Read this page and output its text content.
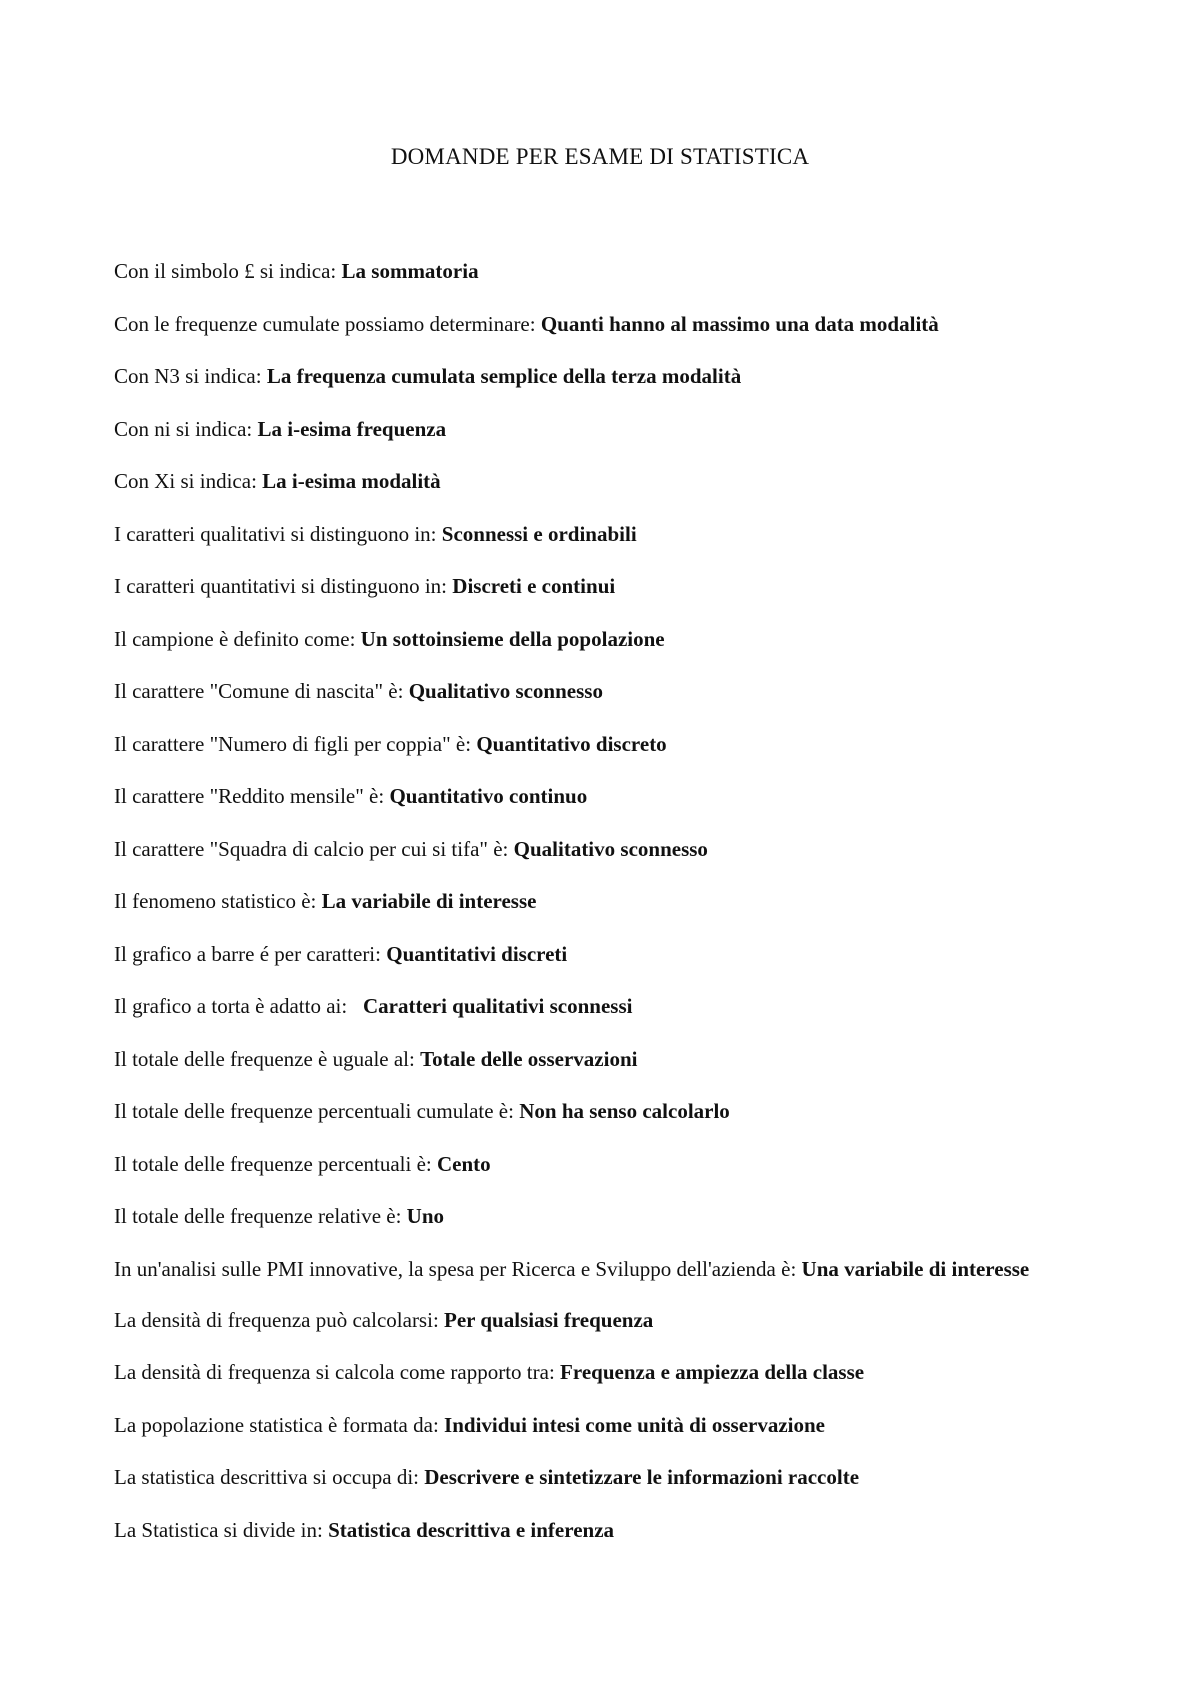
DOMANDE PER ESAME DI STATISTICA
Con il simbolo £ si indica: La sommatoria
Con le frequenze cumulate possiamo determinare: Quanti hanno al massimo una data modalità
Con N3 si indica: La frequenza cumulata semplice della terza modalità
Con ni si indica: La i-esima frequenza
Con Xi si indica: La i-esima modalità
I caratteri qualitativi si distinguono in: Sconnessi e ordinabili
I caratteri quantitativi si distinguono in: Discreti e continui
Il campione è definito come: Un sottoinsieme della popolazione
Il carattere "Comune di nascita" è: Qualitativo sconnesso
Il carattere "Numero di figli per coppia" è: Quantitativo discreto
Il carattere "Reddito mensile" è: Quantitativo continuo
Il carattere "Squadra di calcio per cui si tifa" è: Qualitativo sconnesso
Il fenomeno statistico è: La variabile di interesse
Il grafico a barre é per caratteri: Quantitativi discreti
Il grafico a torta è adatto ai: Caratteri qualitativi sconnessi
Il totale delle frequenze è uguale al: Totale delle osservazioni
Il totale delle frequenze percentuali cumulate è: Non ha senso calcolarlo
Il totale delle frequenze percentuali è: Cento
Il totale delle frequenze relative è: Uno
In un'analisi sulle PMI innovative, la spesa per Ricerca e Sviluppo dell'azienda è: Una variabile di interesse
La densità di frequenza può calcolarsi: Per qualsiasi frequenza
La densità di frequenza si calcola come rapporto tra: Frequenza e ampiezza della classe
La popolazione statistica è formata da: Individui intesi come unità di osservazione
La statistica descrittiva si occupa di: Descrivere e sintetizzare le informazioni raccolte
La Statistica si divide in: Statistica descrittiva e inferenza
